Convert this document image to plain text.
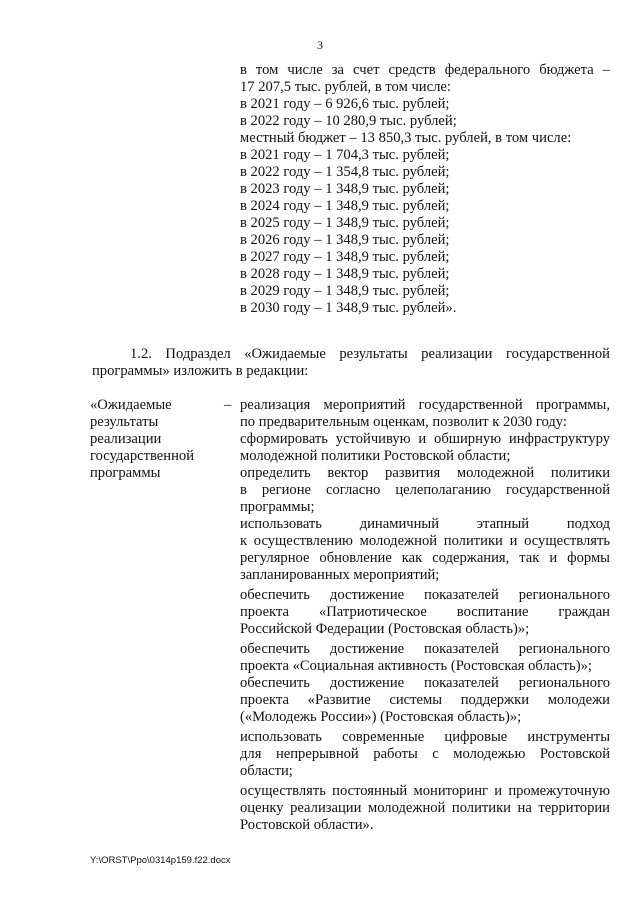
3
в том числе за счет средств федерального бюджета –
17 207,5 тыс. рублей, в том числе:
в 2021 году – 6 926,6 тыс. рублей;
в 2022 году – 10 280,9 тыс. рублей;
местный бюджет – 13 850,3 тыс. рублей, в том числе:
в 2021 году – 1 704,3 тыс. рублей;
в 2022 году – 1 354,8 тыс. рублей;
в 2023 году – 1 348,9 тыс. рублей;
в 2024 году – 1 348,9 тыс. рублей;
в 2025 году – 1 348,9 тыс. рублей;
в 2026 году – 1 348,9 тыс. рублей;
в 2027 году – 1 348,9 тыс. рублей;
в 2028 году – 1 348,9 тыс. рублей;
в 2029 году – 1 348,9 тыс. рублей;
в 2030 году – 1 348,9 тыс. рублей».
1.2. Подраздел «Ожидаемые результаты реализации государственной
программы» изложить в редакции:
«Ожидаемые
результаты
реализации
государственной
программы
– реализация мероприятий государственной программы,
по предварительным оценкам, позволит к 2030 году:
сформировать устойчивую и обширную инфраструктуру
молодежной политики Ростовской области;
определить вектор развития молодежной политики
в регионе согласно целеполаганию государственной
программы;
использовать динамичный этапный подход
к осуществлению молодежной политики и осуществлять
регулярное обновление как содержания, так и формы
запланированных мероприятий;
обеспечить достижение показателей регионального
проекта «Патриотическое воспитание граждан
Российской Федерации (Ростовская область)»;
обеспечить достижение показателей регионального
проекта «Социальная активность (Ростовская область)»;
обеспечить достижение показателей регионального
проекта «Развитие системы поддержки молодежи
(«Молодежь России») (Ростовская область)»;
использовать современные цифровые инструменты
для непрерывной работы с молодежью Ростовской
области;
осуществлять постоянный мониторинг и промежуточную
оценку реализации молодежной политики на территории
Ростовской области».
Y:\ORST\Ppo\0314p159.f22.docx
